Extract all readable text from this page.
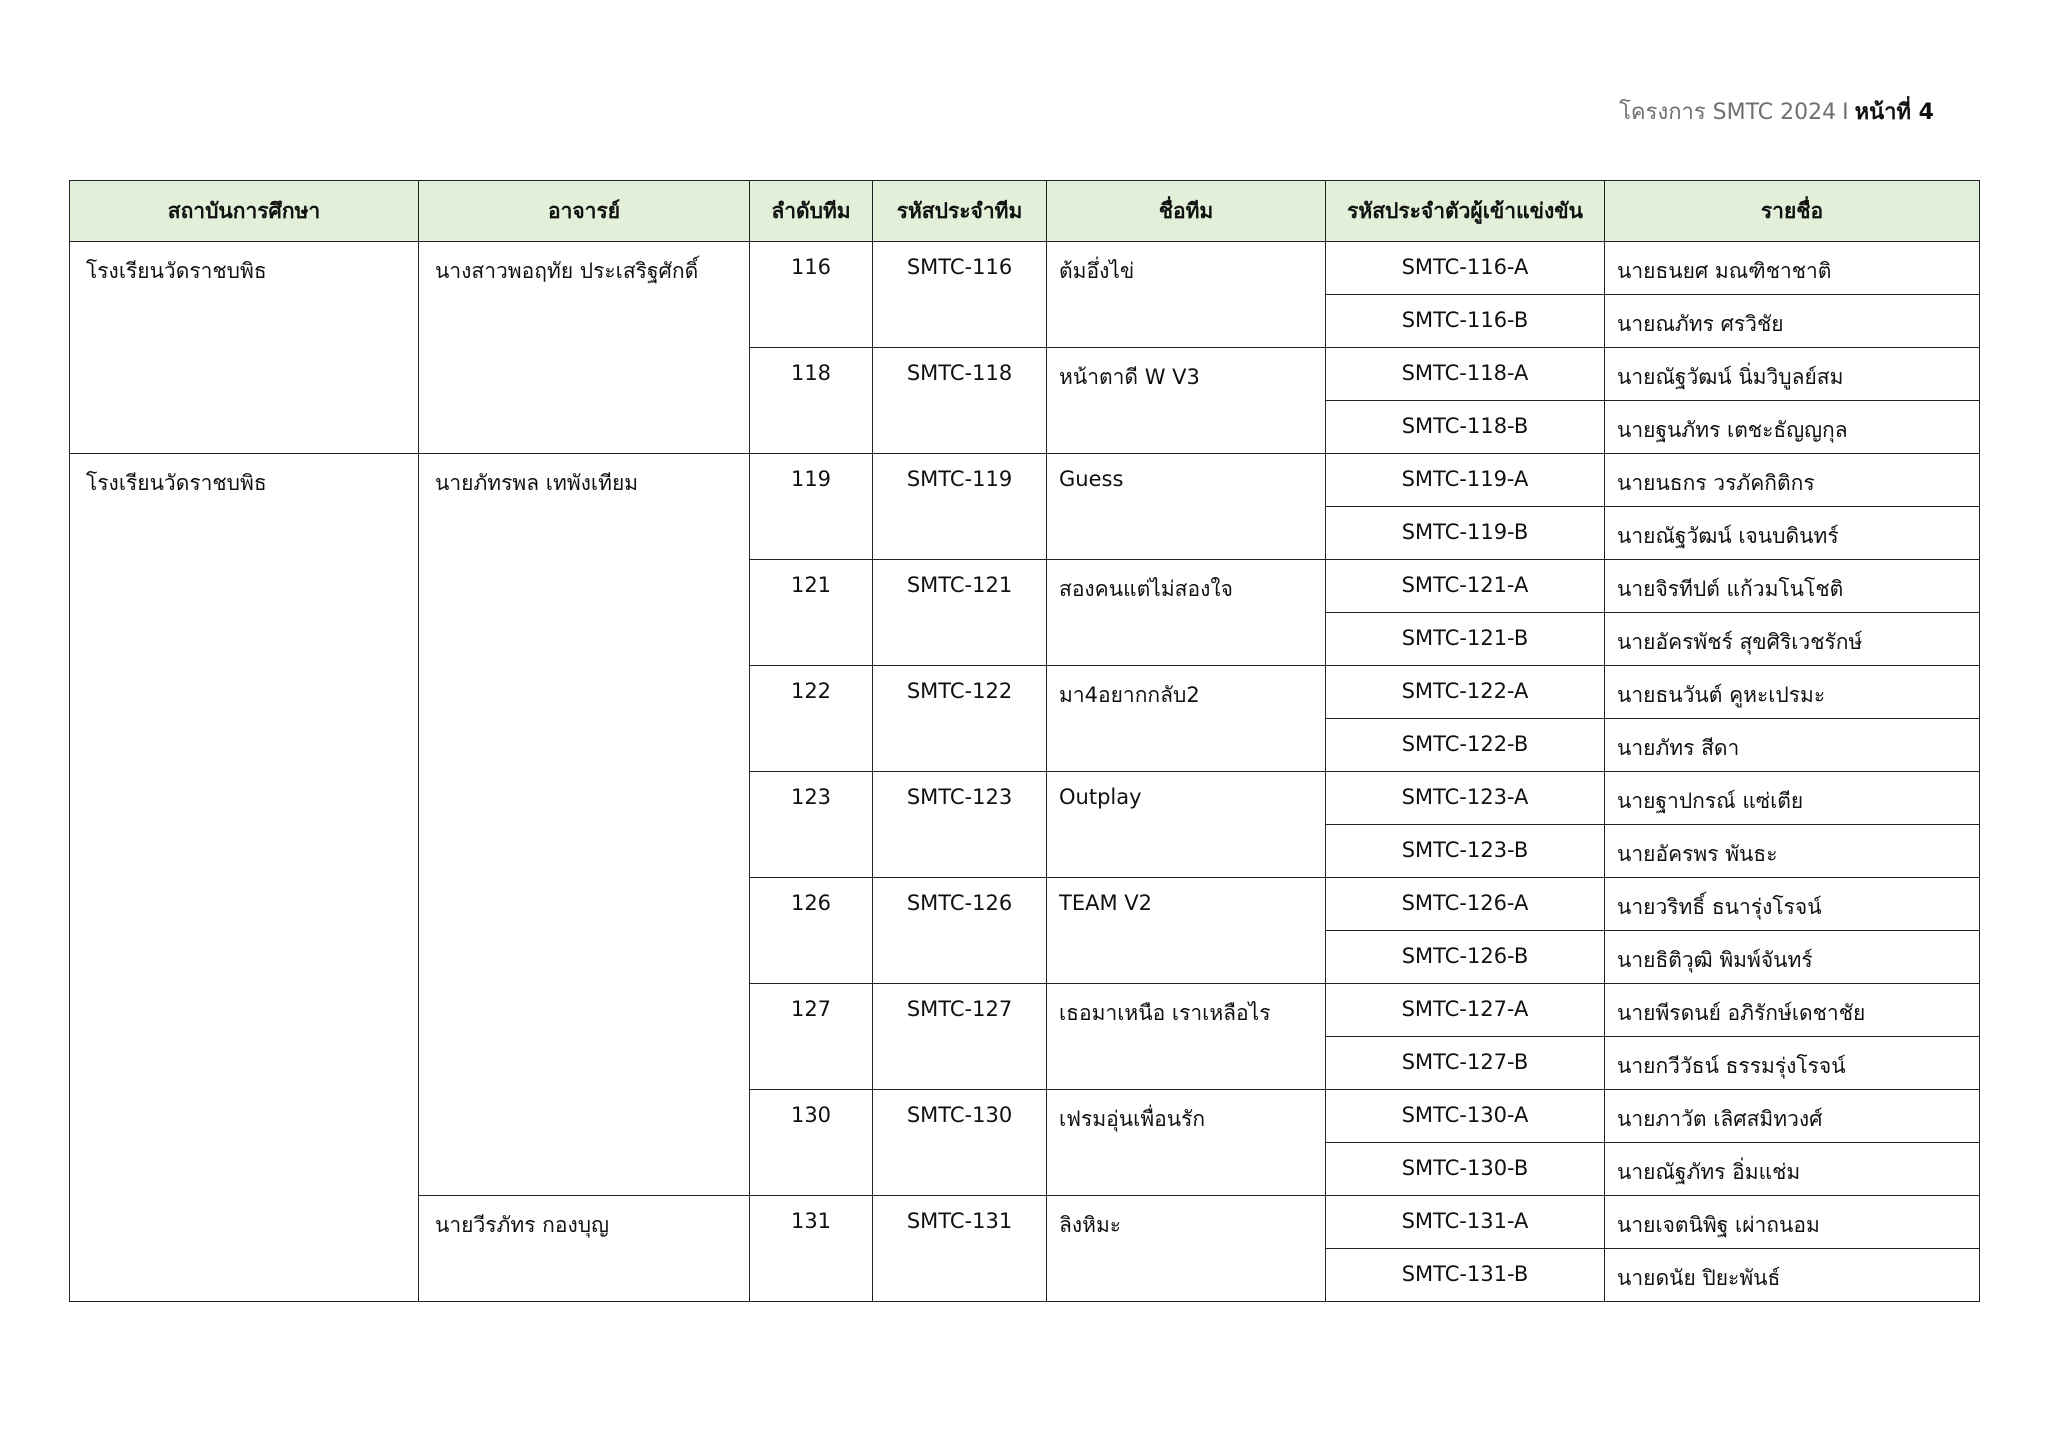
โครงการ SMTC 2024 I หน้าที่ 4
สถาบันการศึกษา	อาจารย์	ลำดับทีม	รหัสประจำทีม	ชื่อทีม	รหัสประจำตัวผู้เข้าแข่งขัน	รายชื่อ
โรงเรียนวัดราชบพิธ	นางสาวพอฤทัย ประเสริฐศักดิ์	116	SMTC-116	ต้มอึ่งไข่	SMTC-116-A	นายธนยศ มณฑิชาชาติ
					SMTC-116-B	นายณภัทร ศรวิชัย
		118	SMTC-118	หน้าตาดี W V3	SMTC-118-A	นายณัฐวัฒน์ นิ่มวิบูลย์สม
					SMTC-118-B	นายฐนภัทร เตชะธัญญกุล
โรงเรียนวัดราชบพิธ	นายภัทรพล เทพังเทียม	119	SMTC-119	Guess	SMTC-119-A	นายนธกร วรภัคกิติกร
					SMTC-119-B	นายณัฐวัฒน์ เจนบดินทร์
		121	SMTC-121	สองคนแต่ไม่สองใจ	SMTC-121-A	นายจิรทีปต์ แก้วมโนโชติ
					SMTC-121-B	นายอัครพัชร์ สุขศิริเวชรักษ์
		122	SMTC-122	มา4อยากกลับ2	SMTC-122-A	นายธนวันต์ คูหะเปรมะ
					SMTC-122-B	นายภัทร สีดา
		123	SMTC-123	Outplay	SMTC-123-A	นายฐาปกรณ์ แซ่เตีย
					SMTC-123-B	นายอัครพร พันธะ
		126	SMTC-126	TEAM V2	SMTC-126-A	นายวริทธิ์ ธนารุ่งโรจน์
					SMTC-126-B	นายธิติวุฒิ พิมพ์จันทร์
		127	SMTC-127	เธอมาเหนือ เราเหลือไร	SMTC-127-A	นายพีรดนย์ อภิรักษ์เดชาชัย
					SMTC-127-B	นายกวีวัธน์ ธรรมรุ่งโรจน์
		130	SMTC-130	เฟรมอุ่นเพื่อนรัก	SMTC-130-A	นายภาวัต เลิศสมิทวงศ์
					SMTC-130-B	นายณัฐภัทร อิ่มแช่ม
	นายวีรภัทร กองบุญ	131	SMTC-131	ลิงหิมะ	SMTC-131-A	นายเจตนิพิฐ เผ่าถนอม
					SMTC-131-B	นายดนัย ปิยะพันธ์
